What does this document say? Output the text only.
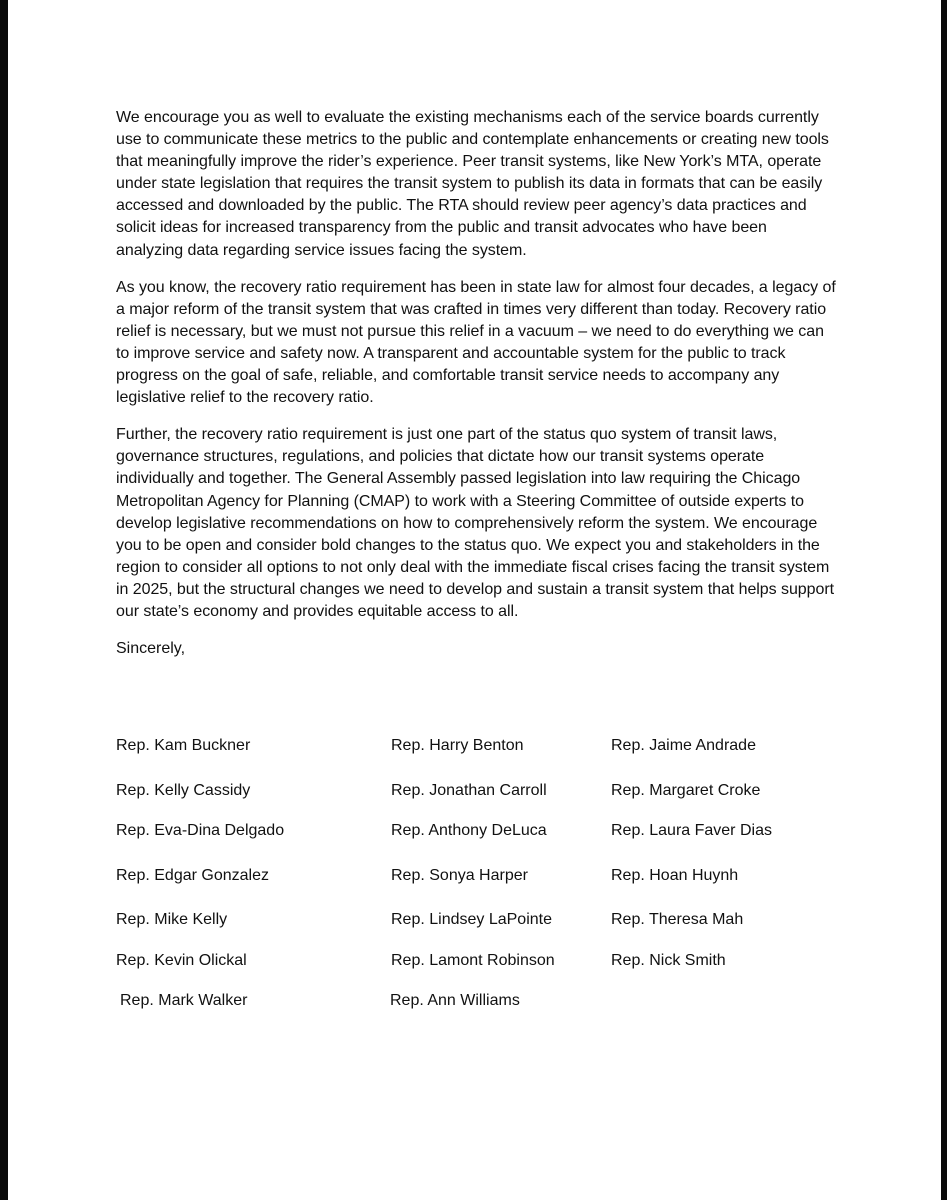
We encourage you as well to evaluate the existing mechanisms each of the service boards currently use to communicate these metrics to the public and contemplate enhancements or creating new tools that meaningfully improve the rider’s experience. Peer transit systems, like New York’s MTA, operate under state legislation that requires the transit system to publish its data in formats that can be easily accessed and downloaded by the public. The RTA should review peer agency’s data practices and solicit ideas for increased transparency from the public and transit advocates who have been analyzing data regarding service issues facing the system.

As you know, the recovery ratio requirement has been in state law for almost four decades, a legacy of a major reform of the transit system that was crafted in times very different than today. Recovery ratio relief is necessary, but we must not pursue this relief in a vacuum – we need to do everything we can to improve service and safety now. A transparent and accountable system for the public to track progress on the goal of safe, reliable, and comfortable transit service needs to accompany any legislative relief to the recovery ratio.

Further, the recovery ratio requirement is just one part of the status quo system of transit laws, governance structures, regulations, and policies that dictate how our transit systems operate individually and together. The General Assembly passed legislation into law requiring the Chicago Metropolitan Agency for Planning (CMAP) to work with a Steering Committee of outside experts to develop legislative recommendations on how to comprehensively reform the system. We encourage you to be open and consider bold changes to the status quo. We expect you and stakeholders in the region to consider all options to not only deal with the immediate fiscal crises facing the transit system in 2025, but the structural changes we need to develop and sustain a transit system that helps support our state’s economy and provides equitable access to all.

Sincerely,

Rep. Kam Buckner	Rep. Harry Benton	Rep. Jaime Andrade
Rep. Kelly Cassidy	Rep. Jonathan Carroll	Rep. Margaret Croke
Rep. Eva-Dina Delgado	Rep. Anthony DeLuca	Rep. Laura Faver Dias
Rep. Edgar Gonzalez	Rep. Sonya Harper	Rep. Hoan Huynh
Rep. Mike Kelly	Rep. Lindsey LaPointe	Rep. Theresa Mah
Rep. Kevin Olickal	Rep. Lamont Robinson	Rep. Nick Smith
Rep. Mark Walker	Rep. Ann Williams
